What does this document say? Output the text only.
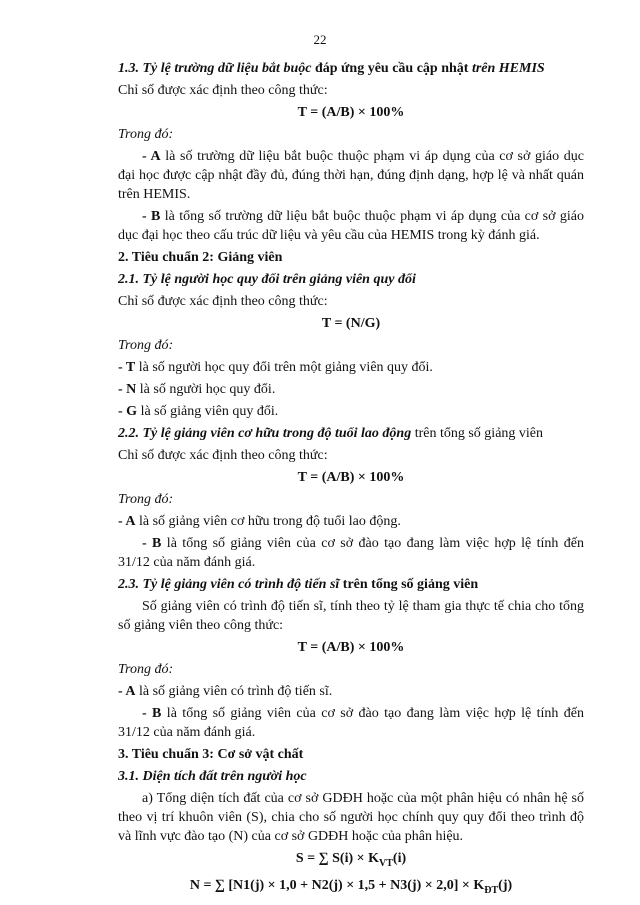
22

1.3. Tỷ lệ trường dữ liệu bắt buộc đáp ứng yêu cầu cập nhật trên HEMIS

Chỉ số được xác định theo công thức:

T = (A/B) × 100%

Trong đó:

- A là số trường dữ liệu bắt buộc thuộc phạm vi áp dụng của cơ sở giáo dục đại học được cập nhật đầy đủ, đúng thời hạn, đúng định dạng, hợp lệ và nhất quán trên HEMIS.

- B là tổng số trường dữ liệu bắt buộc thuộc phạm vi áp dụng của cơ sở giáo dục đại học theo cấu trúc dữ liệu và yêu cầu của HEMIS trong kỳ đánh giá.

2. Tiêu chuẩn 2: Giảng viên

2.1. Tỷ lệ người học quy đổi trên giảng viên quy đổi

Chỉ số được xác định theo công thức:

T = (N/G)

Trong đó:

- T là số người học quy đổi trên một giảng viên quy đổi.

- N là số người học quy đổi.

- G là số giảng viên quy đổi.

2.2. Tỷ lệ giảng viên cơ hữu trong độ tuổi lao động trên tổng số giảng viên

Chỉ số được xác định theo công thức:

T = (A/B) × 100%

Trong đó:

- A là số giảng viên cơ hữu trong độ tuổi lao động.

- B là tổng số giảng viên của cơ sở đào tạo đang làm việc hợp lệ tính đến 31/12 của năm đánh giá.

2.3. Tỷ lệ giảng viên có trình độ tiến sĩ trên tổng số giảng viên

Số giảng viên có trình độ tiến sĩ, tính theo tỷ lệ tham gia thực tế chia cho tổng số giảng viên theo công thức:

T = (A/B) × 100%

Trong đó:

- A là số giảng viên có trình độ tiến sĩ.

- B là tổng số giảng viên của cơ sở đào tạo đang làm việc hợp lệ tính đến 31/12 của năm đánh giá.

3. Tiêu chuẩn 3: Cơ sở vật chất

3.1. Diện tích đất trên người học

a) Tổng diện tích đất của cơ sở GDĐH hoặc của một phân hiệu có nhân hệ số theo vị trí khuôn viên (S), chia cho số người học chính quy quy đổi theo trình độ và lĩnh vực đào tạo (N) của cơ sở GDĐH hoặc của phân hiệu.

S = ∑ $S(i) \times K_{VT}(i)$

N = ∑ $[N1(j) \times 1,0 + N2(j) \times 1,5 + N3(j) \times 2,0] \times K_{ĐT}(j)$
